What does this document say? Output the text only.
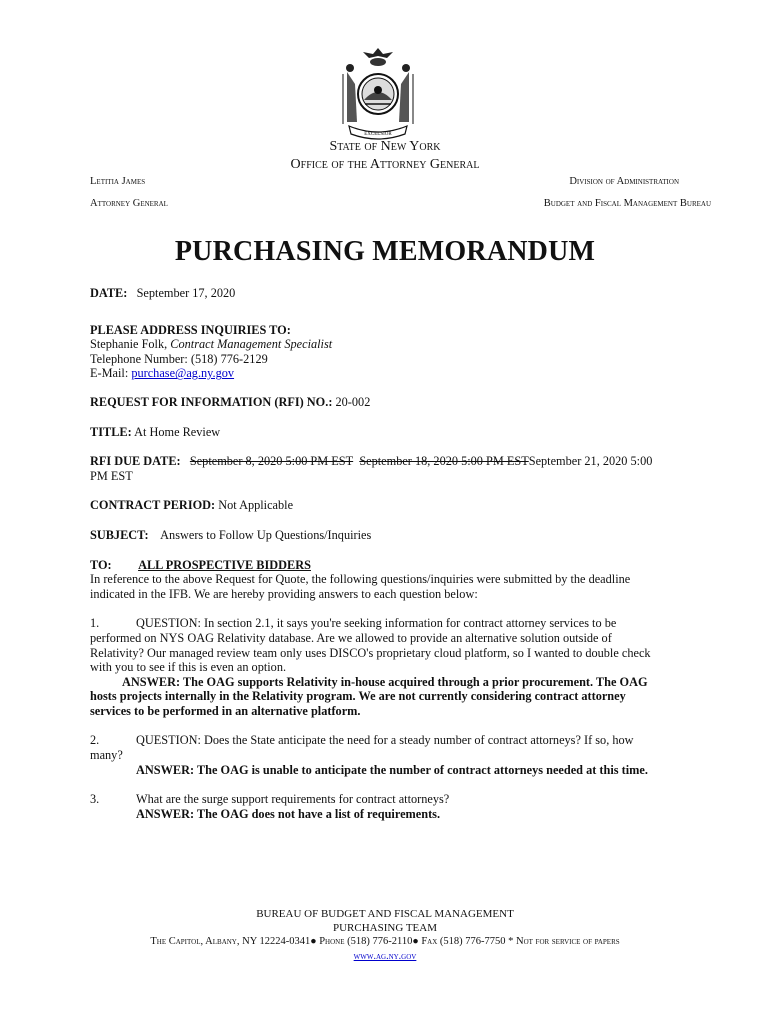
EXCELSIOR
State of New York
Office of the Attorney General
Letitia James
Attorney General
Division of Administration
Budget and Fiscal Management Bureau
PURCHASING MEMORANDUM
DATE: September 17, 2020
PLEASE ADDRESS INQUIRIES TO:
Stephanie Folk, Contract Management Specialist
Telephone Number: (518) 776-2129
E-Mail: purchase@ag.ny.gov
REQUEST FOR INFORMATION (RFI) NO.: 20-002
TITLE: At Home Review
RFI DUE DATE: September 8, 2020 5:00 PM EST September 18, 2020 5:00 PM ESTSeptember 21, 2020 5:00
PM EST
CONTRACT PERIOD: Not Applicable
SUBJECT: Answers to Follow Up Questions/Inquiries
TO: ALL PROSPECTIVE BIDDERS
In reference to the above Request for Quote, the following questions/inquiries were submitted by the deadline
indicated in the IFB. We are hereby providing answers to each question below:
1.	QUESTION: In section 2.1, it says you're seeking information for contract attorney services to be
performed on NYS OAG Relativity database. Are we allowed to provide an alternative solution outside of
Relativity? Our managed review team only uses DISCO's proprietary cloud platform, so I wanted to double check
with you to see if this is even an option.
ANSWER: The OAG supports Relativity in-house acquired through a prior procurement. The OAG
hosts projects internally in the Relativity program. We are not currently considering contract attorney
services to be performed in an alternative platform.
2.	QUESTION: Does the State anticipate the need for a steady number of contract attorneys? If so, how
many?
ANSWER: The OAG is unable to anticipate the number of contract attorneys needed at this time.
3.	What are the surge support requirements for contract attorneys?
ANSWER: The OAG does not have a list of requirements.
BUREAU OF BUDGET AND FISCAL MANAGEMENT
PURCHASING TEAM
The Capitol, Albany, NY 12224-0341● Phone (518) 776-2110● Fax (518) 776-7750 * Not for service of papers
www.ag.ny.gov
